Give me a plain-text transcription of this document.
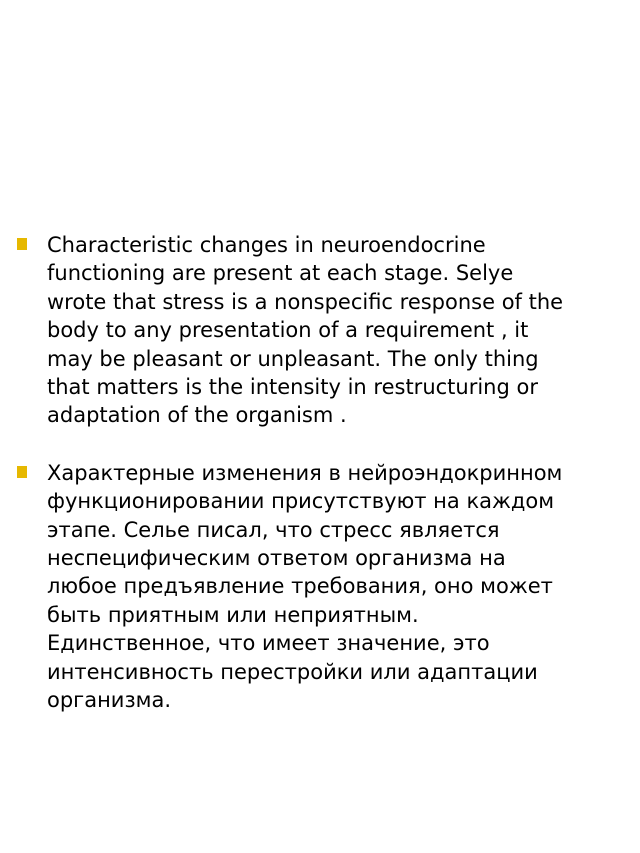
Characteristic changes in neuroendocrine functioning are present at each stage. Selye wrote that stress is a nonspecific response of the body to any presentation of a requirement , it may be pleasant or unpleasant. The only thing that matters is the intensity in restructuring or adaptation of the organism .
Характерные изменения в нейроэндокринном функционировании присутствуют на каждом этапе. Селье писал, что стресс является неспецифическим ответом организма на любое предъявление требования, оно может быть приятным или неприятным. Единственное, что имеет значение, это интенсивность перестройки или адаптации организма.
